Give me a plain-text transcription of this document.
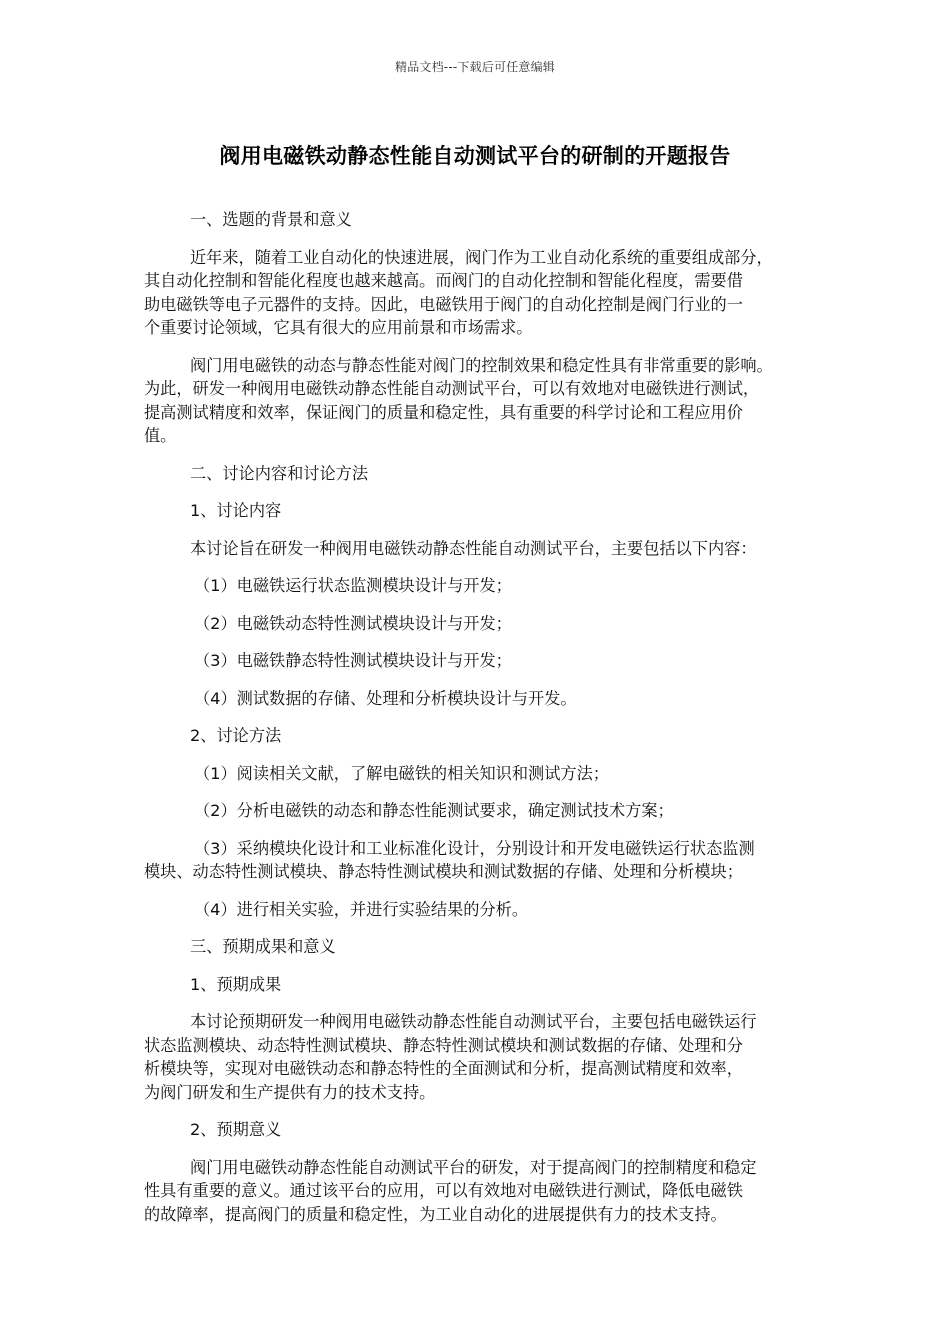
精品文档---下载后可任意编辑
阀用电磁铁动静态性能自动测试平台的研制的开题报告
一、选题的背景和意义
近年来，随着工业自动化的快速进展，阀门作为工业自动化系统的重要组成部分，
其自动化控制和智能化程度也越来越高。而阀门的自动化控制和智能化程度，需要借
助电磁铁等电子元器件的支持。因此，电磁铁用于阀门的自动化控制是阀门行业的一
个重要讨论领域，它具有很大的应用前景和市场需求。
阀门用电磁铁的动态与静态性能对阀门的控制效果和稳定性具有非常重要的影响。
为此，研发一种阀用电磁铁动静态性能自动测试平台，可以有效地对电磁铁进行测试，
提高测试精度和效率，保证阀门的质量和稳定性，具有重要的科学讨论和工程应用价
值。
二、讨论内容和讨论方法
1、讨论内容
本讨论旨在研发一种阀用电磁铁动静态性能自动测试平台，主要包括以下内容：
（1）电磁铁运行状态监测模块设计与开发；
（2）电磁铁动态特性测试模块设计与开发；
（3）电磁铁静态特性测试模块设计与开发；
（4）测试数据的存储、处理和分析模块设计与开发。
2、讨论方法
（1）阅读相关文献，了解电磁铁的相关知识和测试方法；
（2）分析电磁铁的动态和静态性能测试要求，确定测试技术方案；
（3）采纳模块化设计和工业标准化设计，分别设计和开发电磁铁运行状态监测
模块、动态特性测试模块、静态特性测试模块和测试数据的存储、处理和分析模块；
（4）进行相关实验，并进行实验结果的分析。
三、预期成果和意义
1、预期成果
本讨论预期研发一种阀用电磁铁动静态性能自动测试平台，主要包括电磁铁运行
状态监测模块、动态特性测试模块、静态特性测试模块和测试数据的存储、处理和分
析模块等，实现对电磁铁动态和静态特性的全面测试和分析，提高测试精度和效率，
为阀门研发和生产提供有力的技术支持。
2、预期意义
阀门用电磁铁动静态性能自动测试平台的研发，对于提高阀门的控制精度和稳定
性具有重要的意义。通过该平台的应用，可以有效地对电磁铁进行测试，降低电磁铁
的故障率，提高阀门的质量和稳定性，为工业自动化的进展提供有力的技术支持。
